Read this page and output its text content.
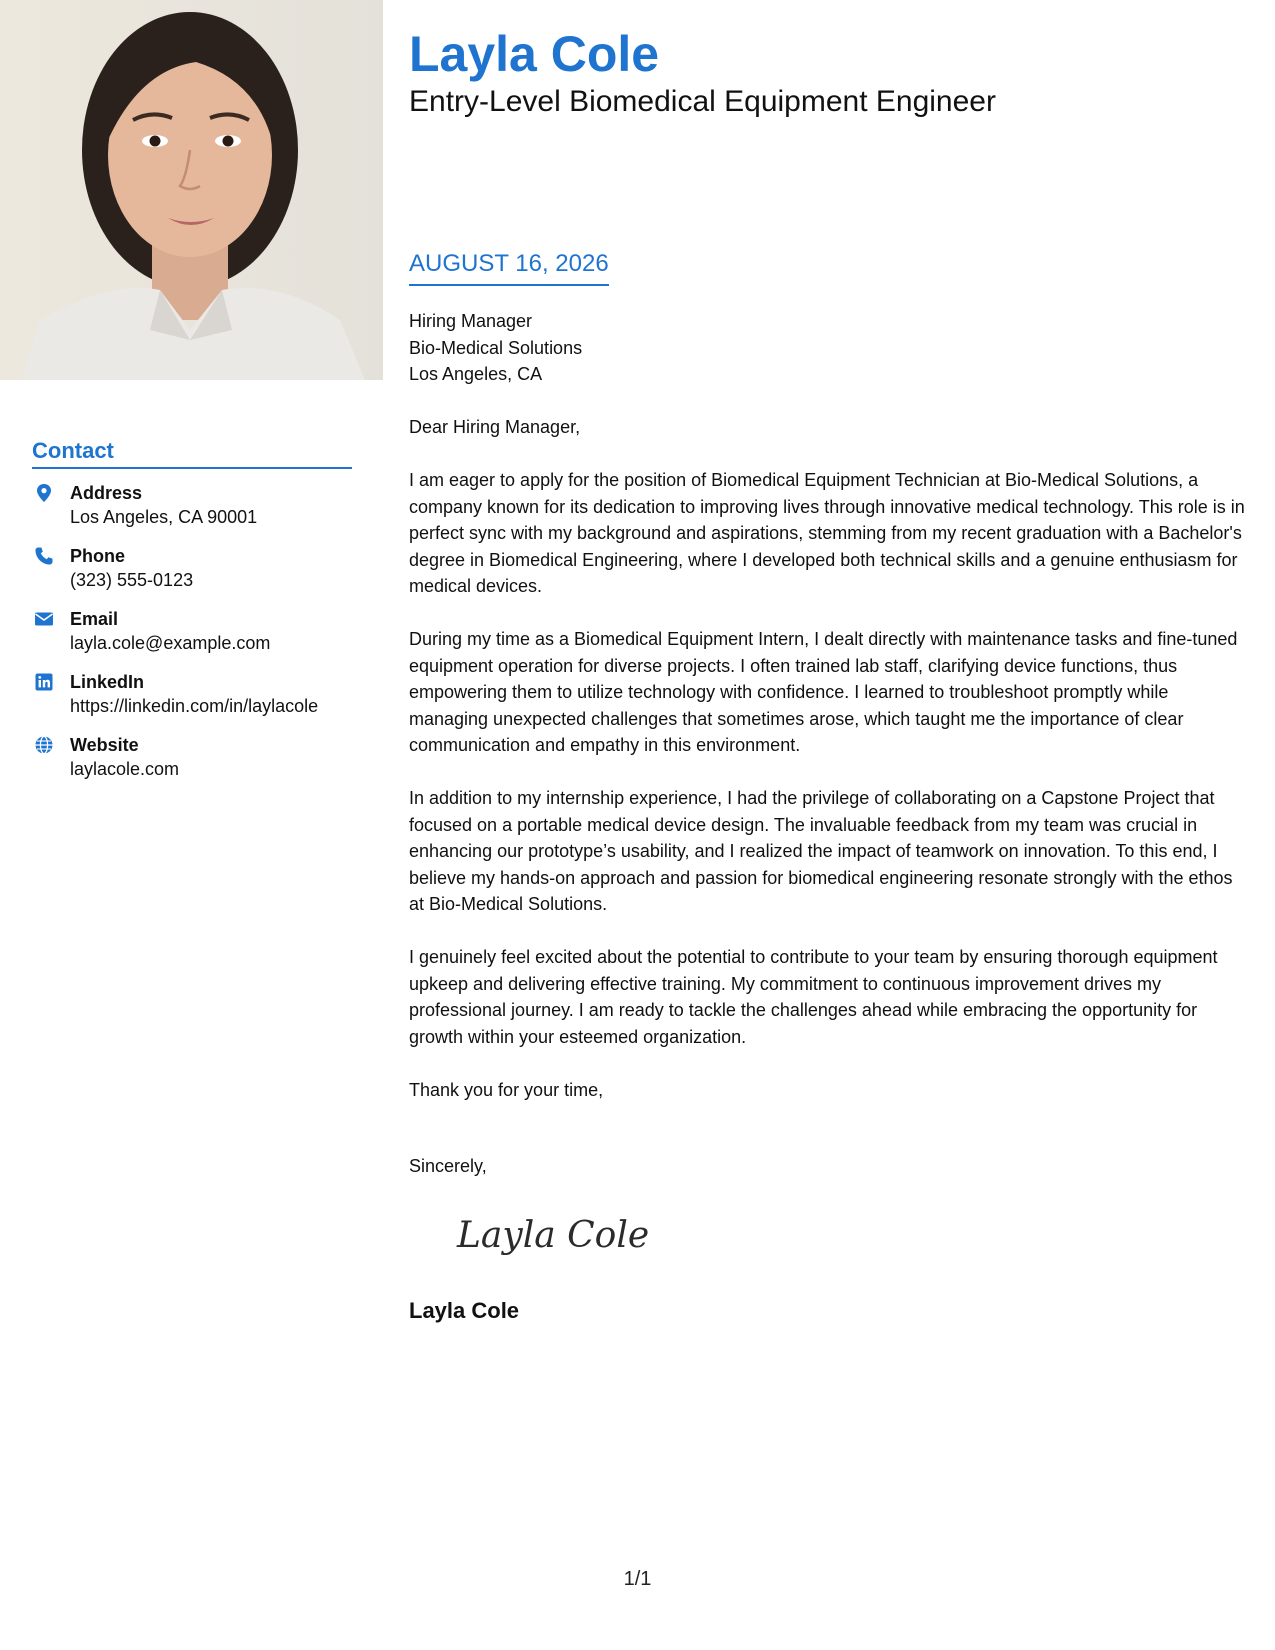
Contact
Address
Los Angeles, CA 90001
Phone
(323) 555-0123
Email
layla.cole@example.com
LinkedIn
https://linkedin.com/in/laylacole
Website
laylacole.com
Layla Cole
Entry-Level Biomedical Equipment Engineer
AUGUST 16, 2026
Hiring Manager
Bio-Medical Solutions
Los Angeles, CA

Dear Hiring Manager,

I am eager to apply for the position of Biomedical Equipment Technician at Bio-Medical Solutions, a company known for its dedication to improving lives through innovative medical technology. This role is in perfect sync with my background and aspirations, stemming from my recent graduation with a Bachelor's degree in Biomedical Engineering, where I developed both technical skills and a genuine enthusiasm for medical devices.

During my time as a Biomedical Equipment Intern, I dealt directly with maintenance tasks and fine-tuned equipment operation for diverse projects. I often trained lab staff, clarifying device functions, thus empowering them to utilize technology with confidence. I learned to troubleshoot promptly while managing unexpected challenges that sometimes arose, which taught me the importance of clear communication and empathy in this environment.

In addition to my internship experience, I had the privilege of collaborating on a Capstone Project that focused on a portable medical device design. The invaluable feedback from my team was crucial in enhancing our prototype’s usability, and I realized the impact of teamwork on innovation. To this end, I believe my hands-on approach and passion for biomedical engineering resonate strongly with the ethos at Bio-Medical Solutions.

I genuinely feel excited about the potential to contribute to your team by ensuring thorough equipment upkeep and delivering effective training. My commitment to continuous improvement drives my professional journey. I am ready to tackle the challenges ahead while embracing the opportunity for growth within your esteemed organization.

Thank you for your time,

Sincerely,
Layla Cole
Layla Cole
1/1
